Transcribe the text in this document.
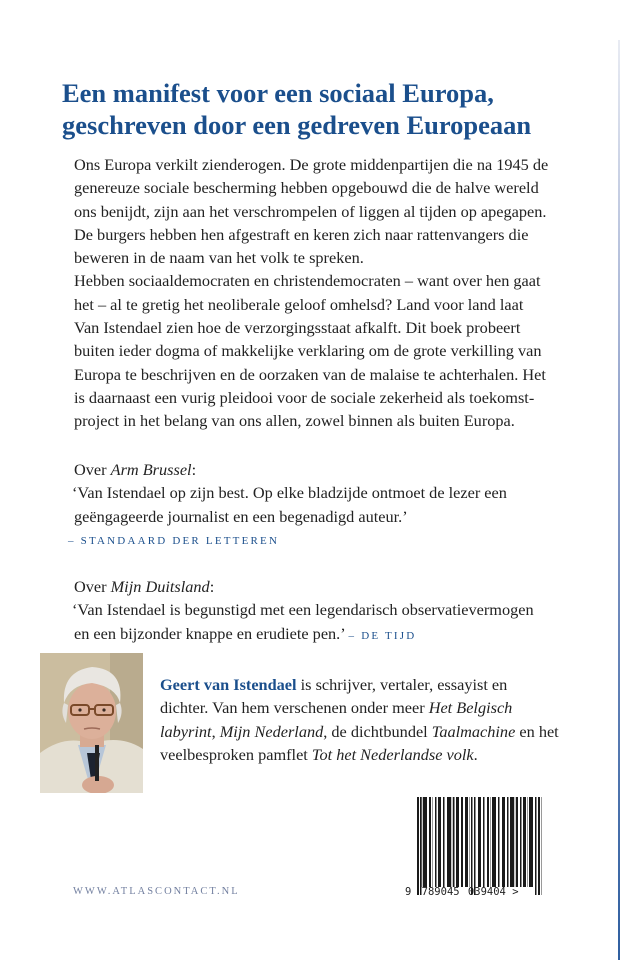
Een manifest voor een sociaal Europa,
geschreven door een gedreven Europeaan
Ons Europa verkilt zienderogen. De grote middenpartijen die na 1945 de
genereuze sociale bescherming hebben opgebouwd die de halve wereld
ons benijdt, zijn aan het verschrompelen of liggen al tijden op apegapen.
De burgers hebben hen afgestraft en keren zich naar rattenvangers die
beweren in de naam van het volk te spreken.
Hebben sociaaldemocraten en christendemocraten – want over hen gaat
het – al te gretig het neoliberale geloof omhelsd? Land voor land laat
Van Istendael zien hoe de verzorgingsstaat afkalft. Dit boek probeert
buiten ieder dogma of makkelijke verklaring om de grote verkilling van
Europa te beschrijven en de oorzaken van de malaise te achterhalen. Het
is daarnaast een vurig pleidooi voor de sociale zekerheid als toekomst-
project in het belang van ons allen, zowel binnen als buiten Europa.
Over Arm Brussel:
‘Van Istendael op zijn best. Op elke bladzijde ontmoet de lezer een
geëngageerde journalist en een begenadigd auteur.’
– STANDAARD DER LETTEREN
Over Mijn Duitsland:
‘Van Istendael is begunstigd met een legendarisch observatievermogen
en een bijzonder knappe en erudiete pen.’ – DE TIJD
Geert van Istendael is schrijver, vertaler, essayist en
dichter. Van hem verschenen onder meer Het Belgisch
labyrint, Mijn Nederland, de dichtbundel Taalmachine en het
veelbesproken pamflet Tot het Nederlandse volk.
9 789045 039404 >
WWW.ATLASCONTACT.NL
